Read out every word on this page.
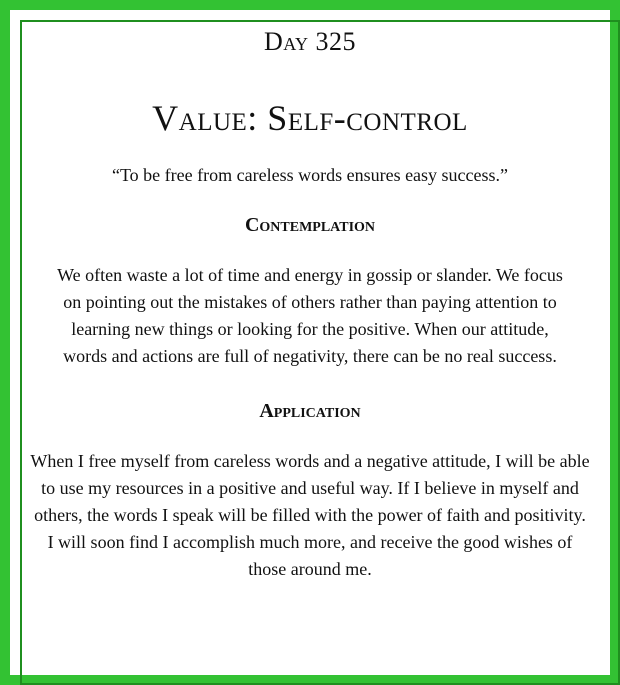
Day 325
Value: Self-control
“To be free from careless words ensures easy success.”
Contemplation
We often waste a lot of time and energy in gossip or slander. We focus on pointing out the mistakes of others rather than paying attention to learning new things or looking for the positive. When our attitude, words and actions are full of negativity, there can be no real success.
Application
When I free myself from careless words and a negative attitude, I will be able to use my resources in a positive and useful way. If I believe in myself and others, the words I speak will be filled with the power of faith and positivity. I will soon find I accomplish much more, and receive the good wishes of those around me.
